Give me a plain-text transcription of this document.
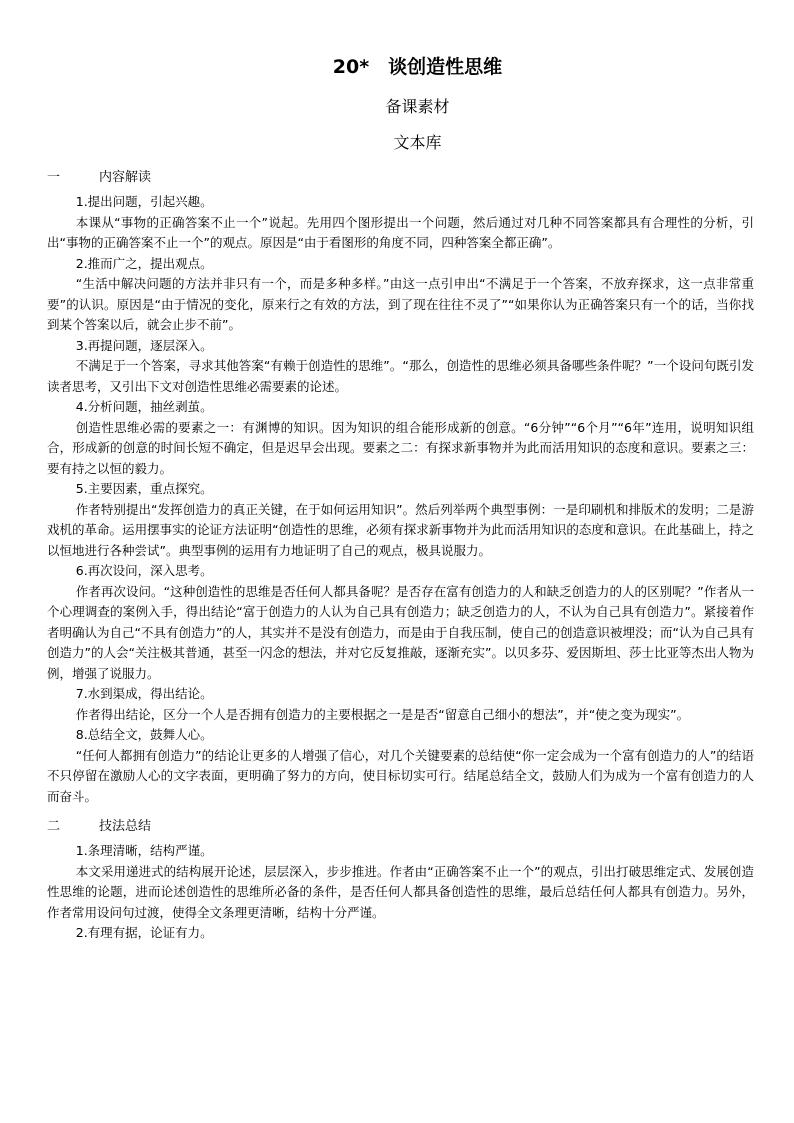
20*　谈创造性思维
备课素材
文本库
一	内容解读

1.提出问题，引起兴趣。

本课从“事物的正确答案不止一个”说起。先用四个图形提出一个问题，然后通过对几种不同答案都具有合理性的分析，引出“事物的正确答案不止一个”的观点。原因是“由于看图形的角度不同，四种答案全都正确”。

2.推而广之，提出观点。

“生活中解决问题的方法并非只有一个，而是多种多样。”由这一点引申出“不满足于一个答案，不放弃探求，这一点非常重要”的认识。原因是“由于情况的变化，原来行之有效的方法，到了现在往往不灵了”“如果你认为正确答案只有一个的话，当你找到某个答案以后，就会止步不前”。

3.再提问题，逐层深入。

不满足于一个答案，寻求其他答案“有赖于创造性的思维”。“那么，创造性的思维必须具备哪些条件呢？”一个设问句既引发读者思考，又引出下文对创造性思维必需要素的论述。

4.分析问题，抽丝剥茧。

创造性思维必需的要素之一：有渊博的知识。因为知识的组合能形成新的创意。“6分钟”“6个月”“6年”连用，说明知识组合，形成新的创意的时间长短不确定，但是迟早会出现。要素之二：有探求新事物并为此而活用知识的态度和意识。要素之三：要有持之以恒的毅力。

5.主要因素，重点探究。

作者特别提出“发挥创造力的真正关键，在于如何运用知识”。然后列举两个典型事例：一是印刷机和排版术的发明；二是游戏机的革命。运用摆事实的论证方法证明“创造性的思维，必须有探求新事物并为此而活用知识的态度和意识。在此基础上，持之以恒地进行各种尝试”。典型事例的运用有力地证明了自己的观点，极具说服力。

6.再次设问，深入思考。

作者再次设问。“这种创造性的思维是否任何人都具备呢？是否存在富有创造力的人和缺乏创造力的人的区别呢？”作者从一个心理调查的案例入手，得出结论“富于创造力的人认为自己具有创造力；缺乏创造力的人，不认为自己具有创造力”。紧接着作者明确认为自己“不具有创造力”的人，其实并不是没有创造力，而是由于自我压制，使自己的创造意识被埋没；而“认为自己具有创造力”的人会“关注极其普通，甚至一闪念的想法，并对它反复推敲，逐渐充实”。以贝多芬、爱因斯坦、莎士比亚等杰出人物为例，增强了说服力。

7.水到渠成，得出结论。

作者得出结论，区分一个人是否拥有创造力的主要根据之一是是否“留意自己细小的想法”，并“使之变为现实”。

8.总结全文，鼓舞人心。

“任何人都拥有创造力”的结论让更多的人增强了信心，对几个关键要素的总结使“你一定会成为一个富有创造力的人”的结语不只停留在激励人心的文字表面，更明确了努力的方向，使目标切实可行。结尾总结全文，鼓励人们为成为一个富有创造力的人而奋斗。

二	技法总结

1.条理清晰，结构严谨。

本文采用递进式的结构展开论述，层层深入，步步推进。作者由“正确答案不止一个”的观点，引出打破思维定式、发展创造性思维的论题，进而论述创造性的思维所必备的条件，是否任何人都具备创造性的思维，最后总结任何人都具有创造力。另外，作者常用设问句过渡，使得全文条理更清晰，结构十分严谨。

2.有理有据，论证有力。
